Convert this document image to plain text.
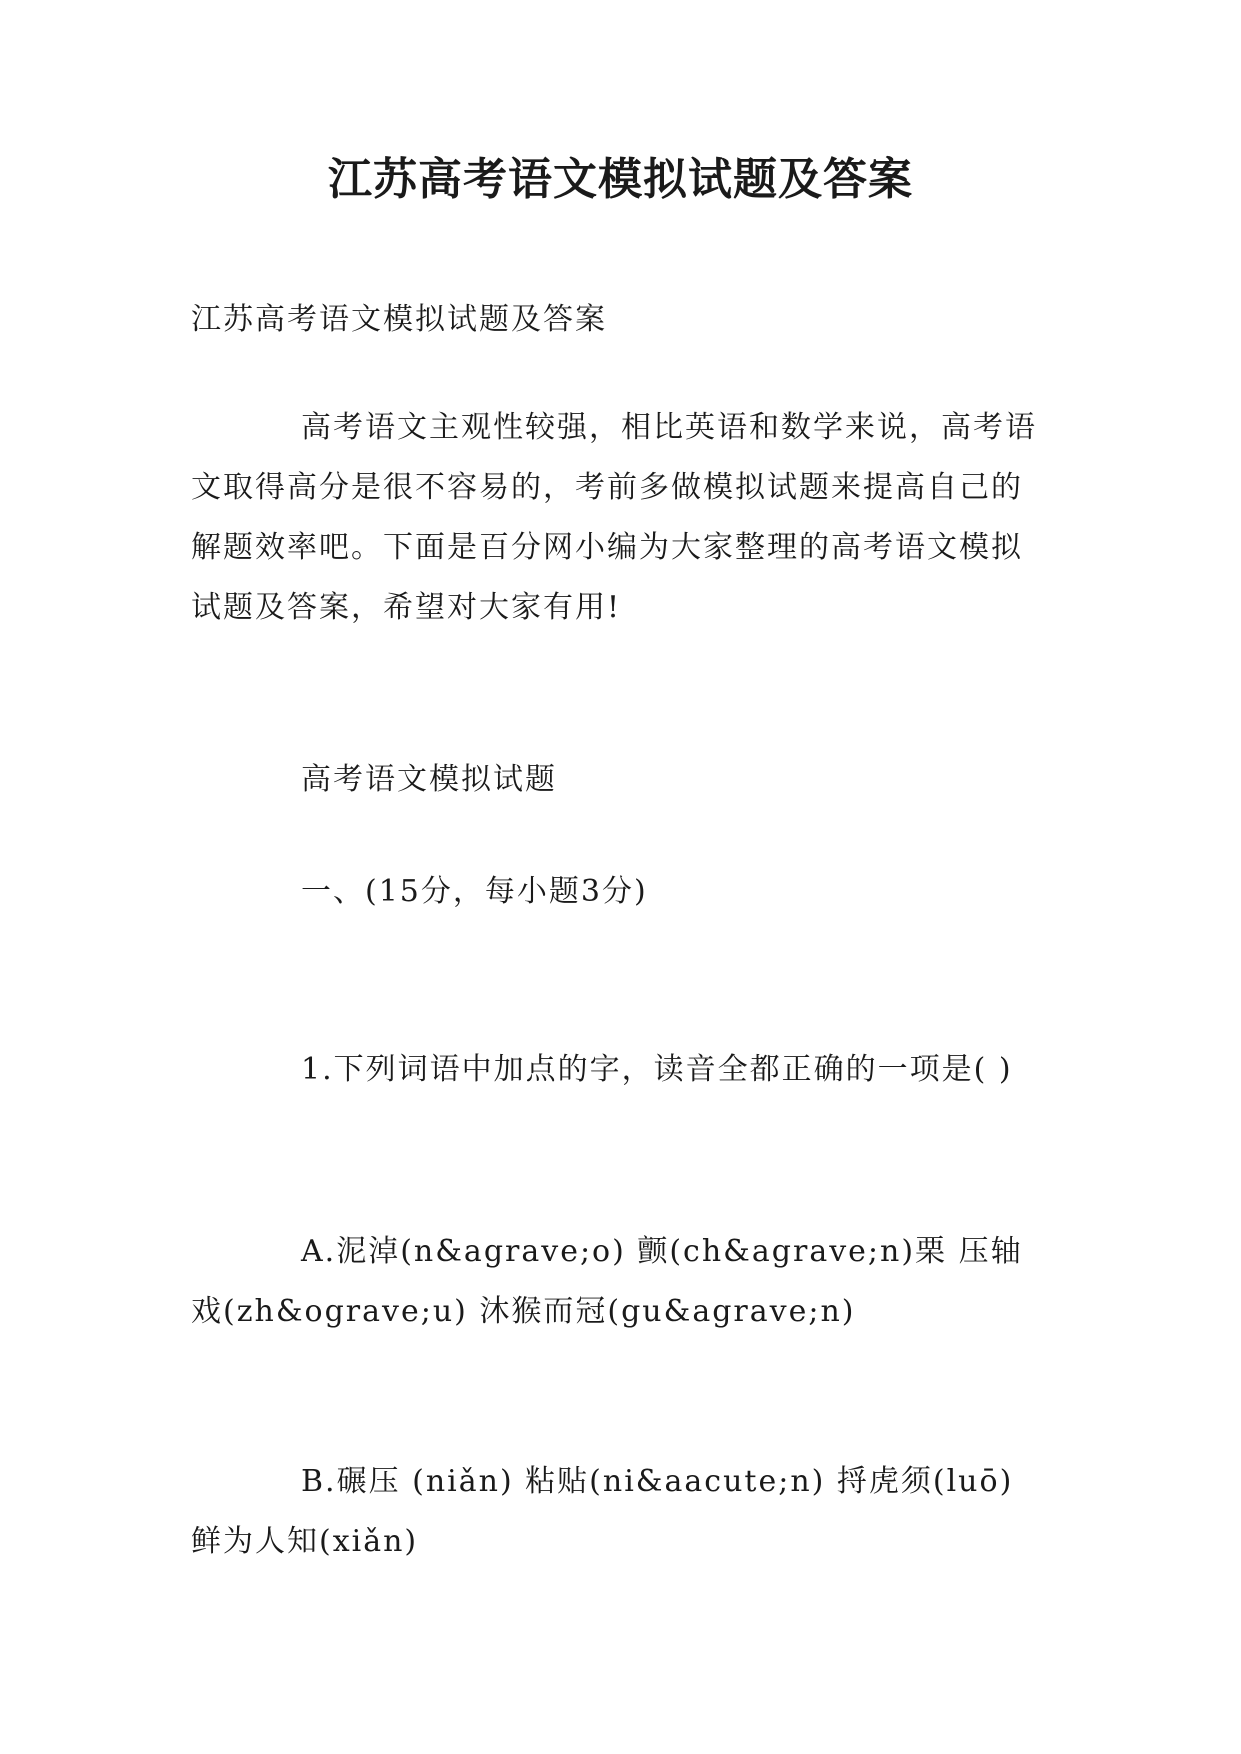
江苏高考语文模拟试题及答案
江苏高考语文模拟试题及答案
高考语文主观性较强，相比英语和数学来说，高考语文取得高分是很不容易的，考前多做模拟试题来提高自己的解题效率吧。下面是百分网小编为大家整理的高考语文模拟试题及答案，希望对大家有用!
高考语文模拟试题
一、(15分，每小题3分)
1.下列词语中加点的字，读音全都正确的一项是( )
A.泥淖(n&agrave;o) 颤(ch&agrave;n)栗 压轴戏(zh&ograve;u) 沐猴而冠(gu&agrave;n)
B.碾压 (niǎn) 粘贴(ni&aacute;n) 捋虎须(luō) 鲜为人知(xiǎn)
